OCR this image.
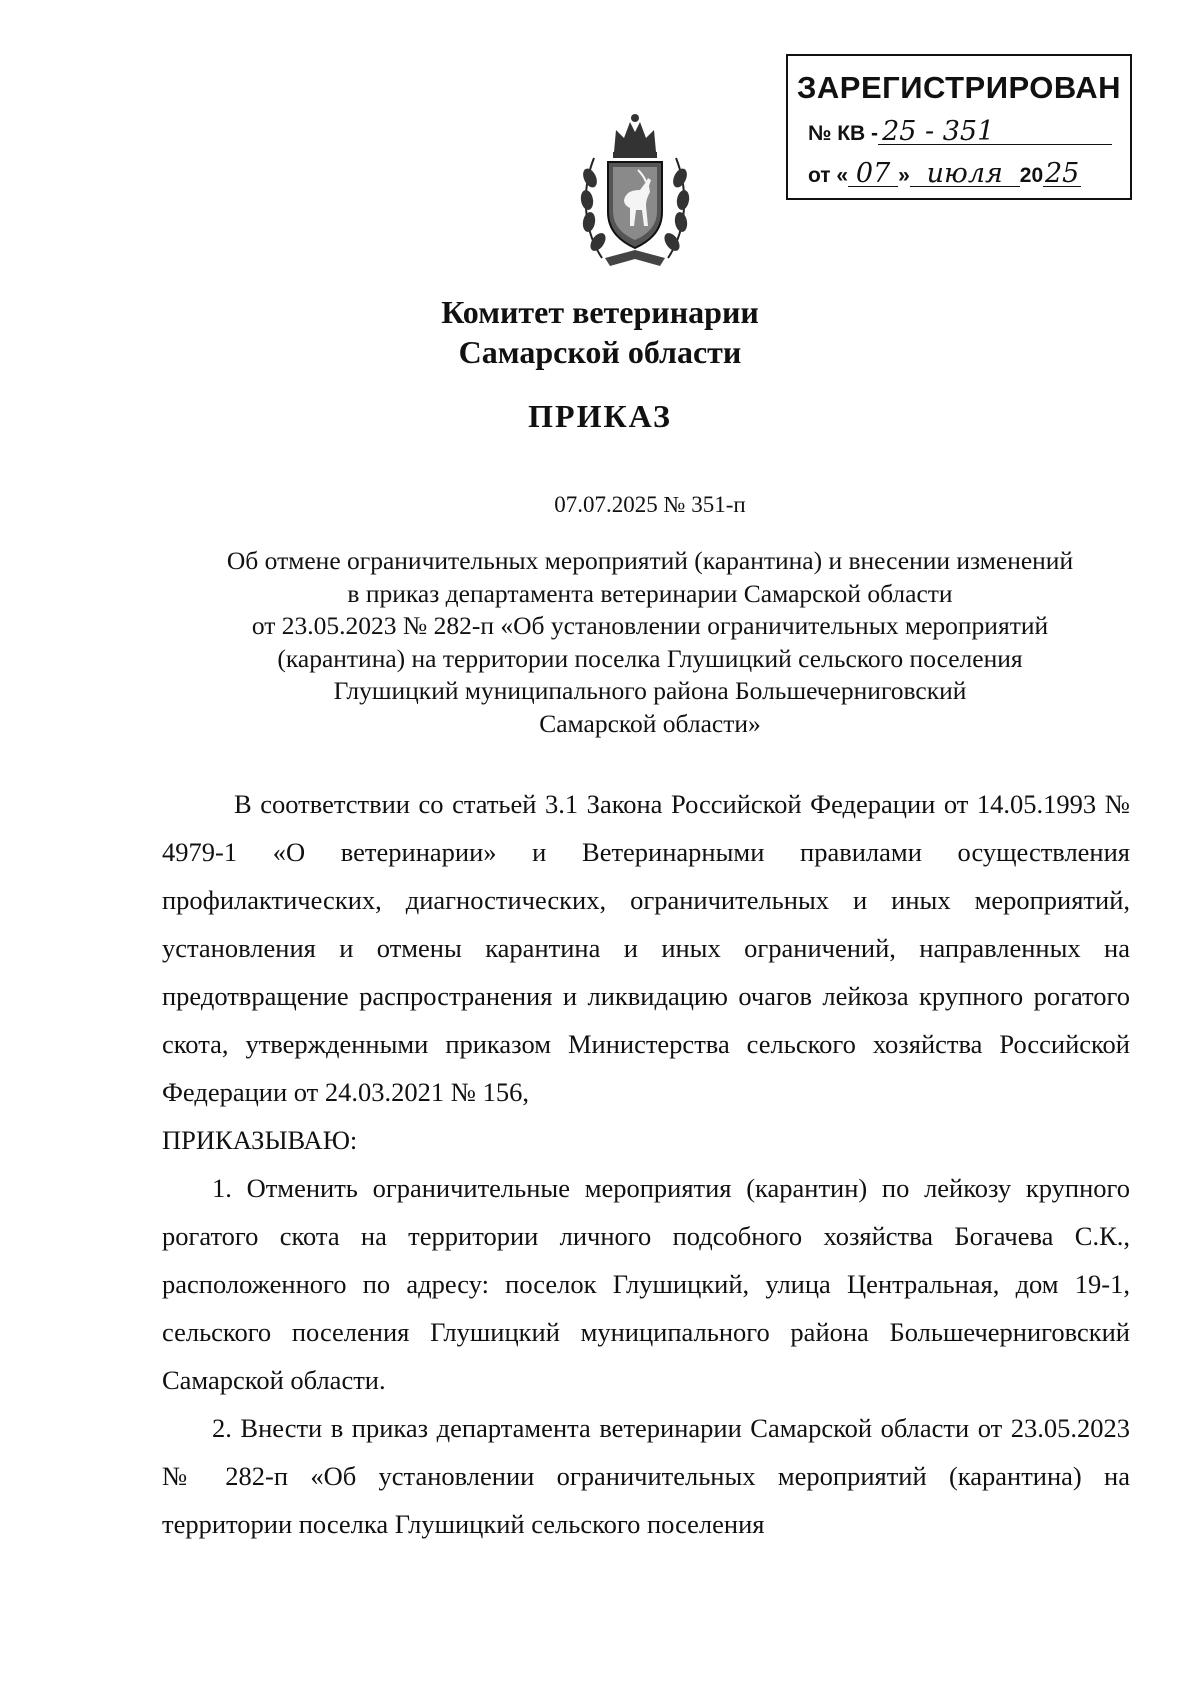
ЗАРЕГИСТРИРОВАН
№ КВ - 25 - 351
от « 07 » июля 2025
Комитет ветеринарии
Самарской области
ПРИКАЗ
07.07.2025 № 351-п
Об отмене ограничительных мероприятий (карантина) и внесении изменений
в приказ департамента ветеринарии Самарской области
от 23.05.2023 № 282-п «Об установлении ограничительных мероприятий
(карантина) на территории поселка Глушицкий сельского поселения
Глушицкий муниципального района Большечерниговский
Самарской области»

В соответствии со статьей 3.1 Закона Российской Федерации от 14.05.1993 № 4979-1 «О ветеринарии» и Ветеринарными правилами осуществления профилактических, диагностических, ограничительных и иных мероприятий, установления и отмены карантина и иных ограничений, направленных на предотвращение распространения и ликвидацию очагов лейкоза крупного рогатого скота, утвержденными приказом Министерства сельского хозяйства Российской Федерации от 24.03.2021 № 156,

ПРИКАЗЫВАЮ:

1. Отменить ограничительные мероприятия (карантин) по лейкозу крупного рогатого скота на территории личного подсобного хозяйства Богачева С.К., расположенного по адресу: поселок Глушицкий, улица Центральная, дом 19-1, сельского поселения Глушицкий муниципального района Большечерниговский Самарской области.

2. Внести в приказ департамента ветеринарии Самарской области от 23.05.2023 № 282-п «Об установлении ограничительных мероприятий (карантина) на территории поселка Глушицкий сельского поселения
